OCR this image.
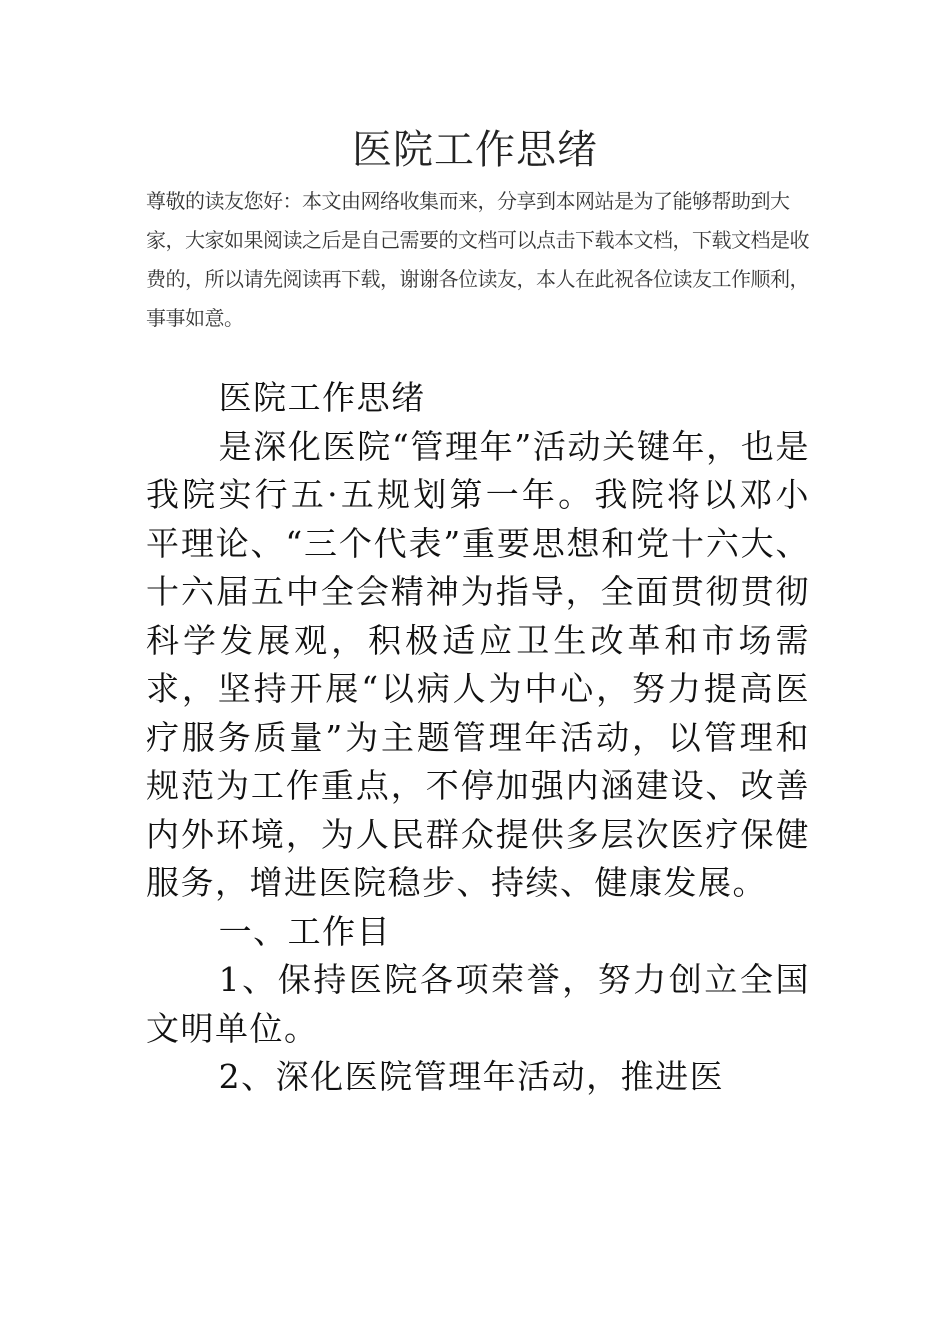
医院工作思绪

尊敬的读友您好：本文由网络收集而来，分享到本网站是为了能够帮助到大家，大家如果阅读之后是自己需要的文档可以点击下载本文档，下载文档是收费的，所以请先阅读再下载，谢谢各位读友，本人在此祝各位读友工作顺利，事事如意。

医院工作思绪

是深化医院“管理年”活动关键年，也是我院实行五·五规划第一年。我院将以邓小平理论、“三个代表”重要思想和党十六大、十六届五中全会精神为指导，全面贯彻贯彻科学发展观，积极适应卫生改革和市场需求，坚持开展“以病人为中心，努力提高医疗服务质量”为主题管理年活动，以管理和规范为工作重点，不停加强内涵建设、改善内外环境，为人民群众提供多层次医疗保健服务，增进医院稳步、持续、健康发展。

一、工作目

1、保持医院各项荣誉，努力创立全国文明单位。

2、深化医院管理年活动，推进医
